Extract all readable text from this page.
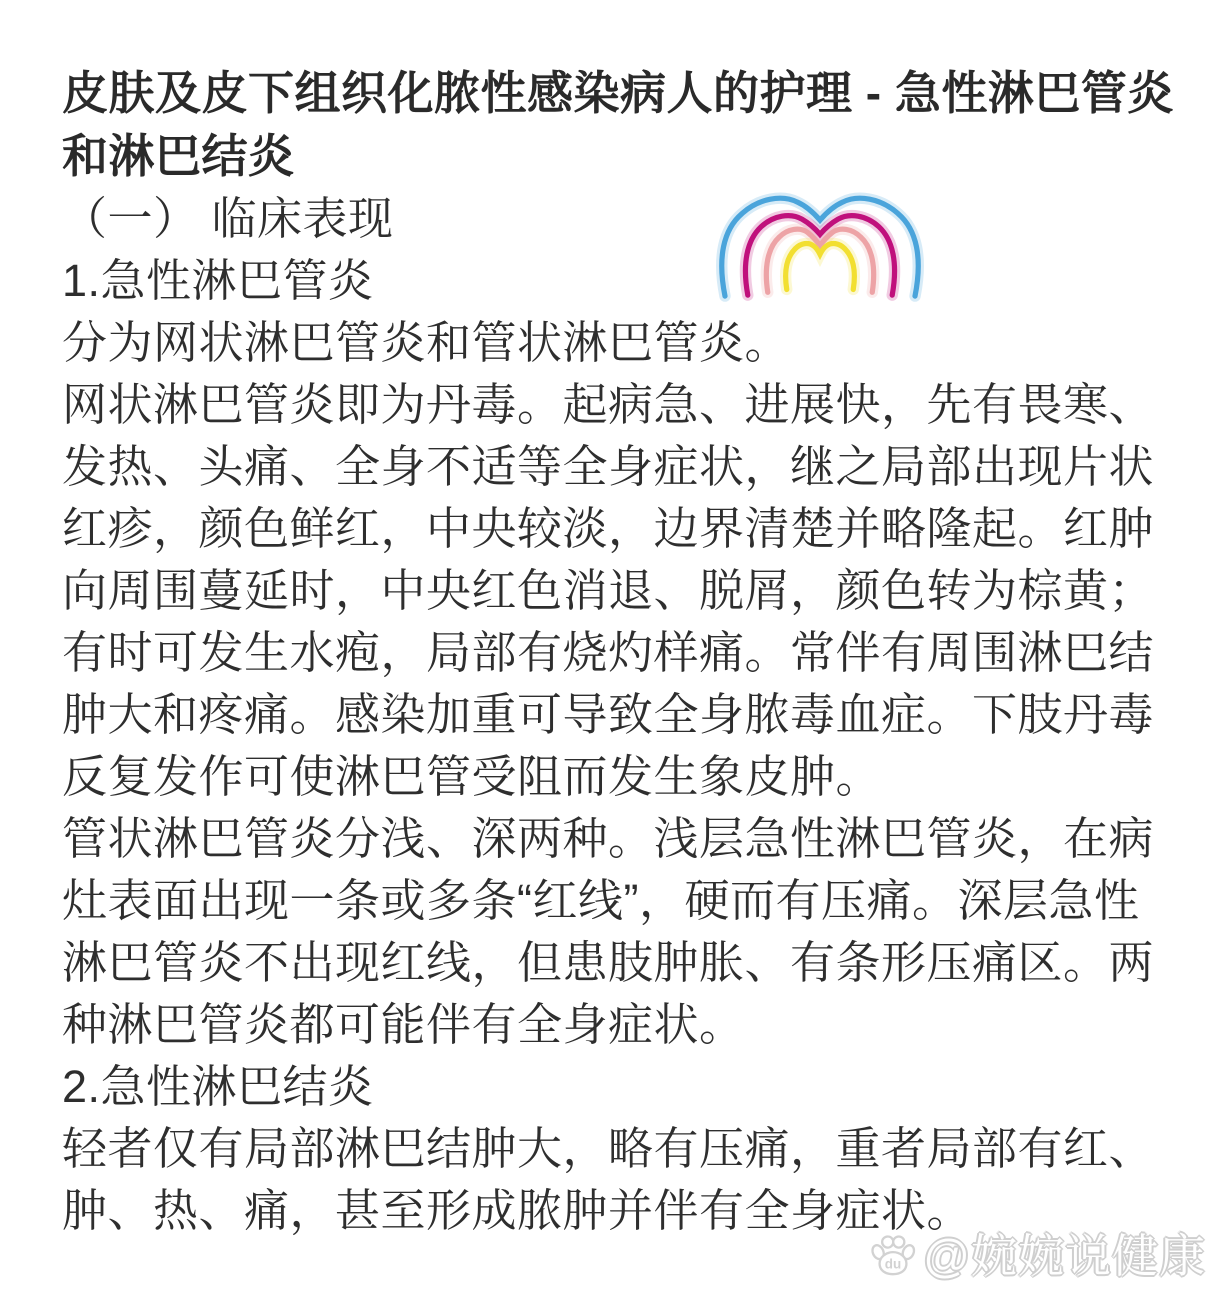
皮肤及皮下组织化脓性感染病人的护理 - 急性淋巴管炎
和淋巴结炎
（一） 临床表现
1.急性淋巴管炎
分为网状淋巴管炎和管状淋巴管炎。
网状淋巴管炎即为丹毒。起病急、进展快，先有畏寒、
发热、头痛、全身不适等全身症状，继之局部出现片状
红疹，颜色鲜红，中央较淡，边界清楚并略隆起。红肿
向周围蔓延时，中央红色消退、脱屑，颜色转为棕黄；
有时可发生水疱，局部有烧灼样痛。常伴有周围淋巴结
肿大和疼痛。感染加重可导致全身脓毒血症。下肢丹毒
反复发作可使淋巴管受阻而发生象皮肿。
管状淋巴管炎分浅、深两种。浅层急性淋巴管炎，在病
灶表面出现一条或多条“红线”，硬而有压痛。深层急性
淋巴管炎不出现红线，但患肢肿胀、有条形压痛区。两
种淋巴管炎都可能伴有全身症状。
2.急性淋巴结炎
轻者仅有局部淋巴结肿大，略有压痛，重者局部有红、
肿、热、痛，甚至形成脓肿并伴有全身症状。
du @婉婉说健康
